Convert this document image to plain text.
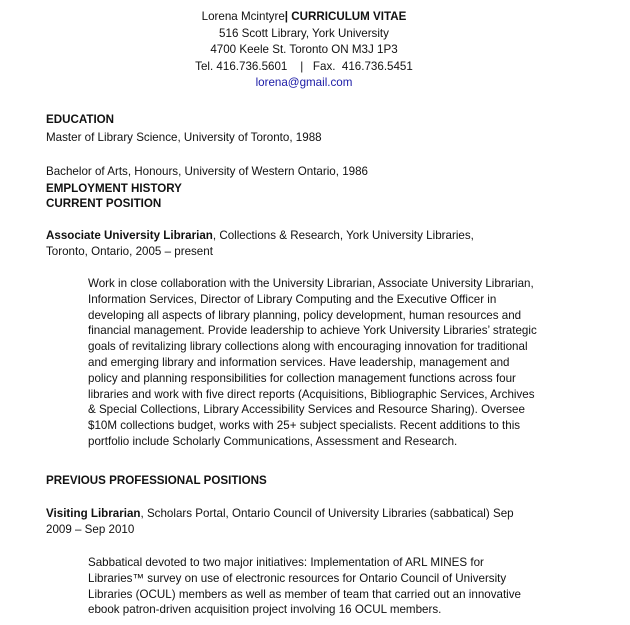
Lorena Mcintyre| CURRICULUM VITAE
516 Scott Library, York University
4700 Keele St. Toronto ON M3J 1P3
Tel. 416.736.5601    |   Fax.  416.736.5451
lorena@gmail.com
EDUCATION
Master of Library Science, University of Toronto, 1988
Bachelor of Arts, Honours, University of Western Ontario, 1986
EMPLOYMENT HISTORY
CURRENT POSITION
Associate University Librarian, Collections & Research, York University Libraries,
Toronto, Ontario, 2005 – present
Work in close collaboration with the University Librarian, Associate University Librarian,
Information Services, Director of Library Computing and the Executive Officer in
developing all aspects of library planning, policy development, human resources and
financial management. Provide leadership to achieve York University Libraries’ strategic
goals of revitalizing library collections along with encouraging innovation for traditional
and emerging library and information services. Have leadership, management and
policy and planning responsibilities for collection management functions across four
libraries and work with five direct reports (Acquisitions, Bibliographic Services, Archives
& Special Collections, Library Accessibility Services and Resource Sharing). Oversee
$10M collections budget, works with 25+ subject specialists. Recent additions to this
portfolio include Scholarly Communications, Assessment and Research.
PREVIOUS PROFESSIONAL POSITIONS
Visiting Librarian, Scholars Portal, Ontario Council of University Libraries (sabbatical) Sep
2009 – Sep 2010
Sabbatical devoted to two major initiatives: Implementation of ARL MINES for
Libraries™ survey on use of electronic resources for Ontario Council of University
Libraries (OCUL) members as well as member of team that carried out an innovative
ebook patron-driven acquisition project involving 16 OCUL members.
